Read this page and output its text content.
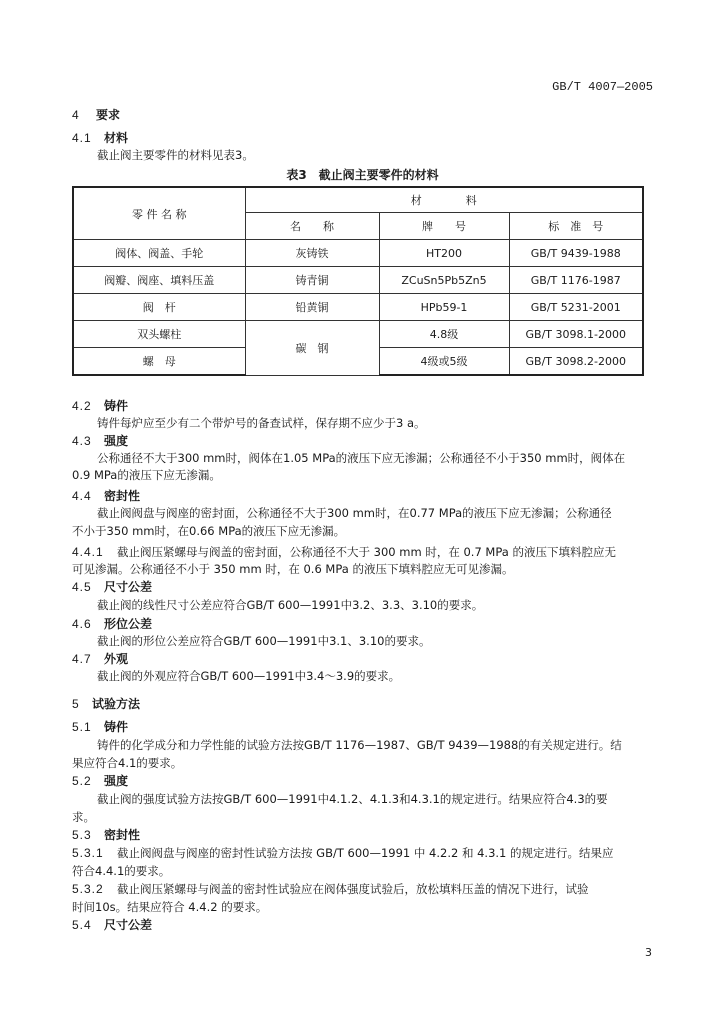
GB/T 4007—2005
4 要求
4.1 材料
截止阀主要零件的材料见表3。
表3　截止阀主要零件的材料
零 件 名 称	材　　　　料		
	名　　称	牌　　号	标　准　号
阀体、阀盖、手轮	灰铸铁	HT200	GB/T 9439-1988
阀瓣、阀座、填料压盖	铸青铜	ZCuSn5Pb5Zn5	GB/T 1176-1987
阀　杆	铅黄铜	HPb59-1	GB/T 5231-2001
双头螺柱	碳　钢	4.8级	GB/T 3098.1-2000
螺　母		4级或5级	GB/T 3098.2-2000
4.2 铸件
铸件每炉应至少有二个带炉号的备查试样，保存期不应少于3 a。
4.3 强度
公称通径不大于300 mm时，阀体在1.05 MPa的液压下应无渗漏；公称通径不小于350 mm时，阀体在
0.9 MPa的液压下应无渗漏。
4.4 密封性
截止阀阀盘与阀座的密封面，公称通径不大于300 mm时，在0.77 MPa的液压下应无渗漏；公称通径
不小于350 mm时，在0.66 MPa的液压下应无渗漏。
4.4.1 截止阀压紧螺母与阀盖的密封面，公称通径不大于 300 mm 时，在 0.7 MPa 的液压下填料腔应无
可见渗漏。公称通径不小于 350 mm 时，在 0.6 MPa 的液压下填料腔应无可见渗漏。
4.5 尺寸公差
截止阀的线性尺寸公差应符合GB/T 600—1991中3.2、3.3、3.10的要求。
4.6 形位公差
截止阀的形位公差应符合GB/T 600—1991中3.1、3.10的要求。
4.7 外观
截止阀的外观应符合GB/T 600—1991中3.4～3.9的要求。
5 试验方法
5.1 铸件
铸件的化学成分和力学性能的试验方法按GB/T 1176—1987、GB/T 9439—1988的有关规定进行。结
果应符合4.1的要求。
5.2 强度
截止阀的强度试验方法按GB/T 600—1991中4.1.2、4.1.3和4.3.1的规定进行。结果应符合4.3的要
求。
5.3 密封性
5.3.1 截止阀阀盘与阀座的密封性试验方法按 GB/T 600—1991 中 4.2.2 和 4.3.1 的规定进行。结果应
符合4.4.1的要求。
5.3.2 截止阀压紧螺母与阀盖的密封性试验应在阀体强度试验后，放松填料压盖的情况下进行，试验
时间10s。结果应符合 4.4.2 的要求。
5.4 尺寸公差
3
